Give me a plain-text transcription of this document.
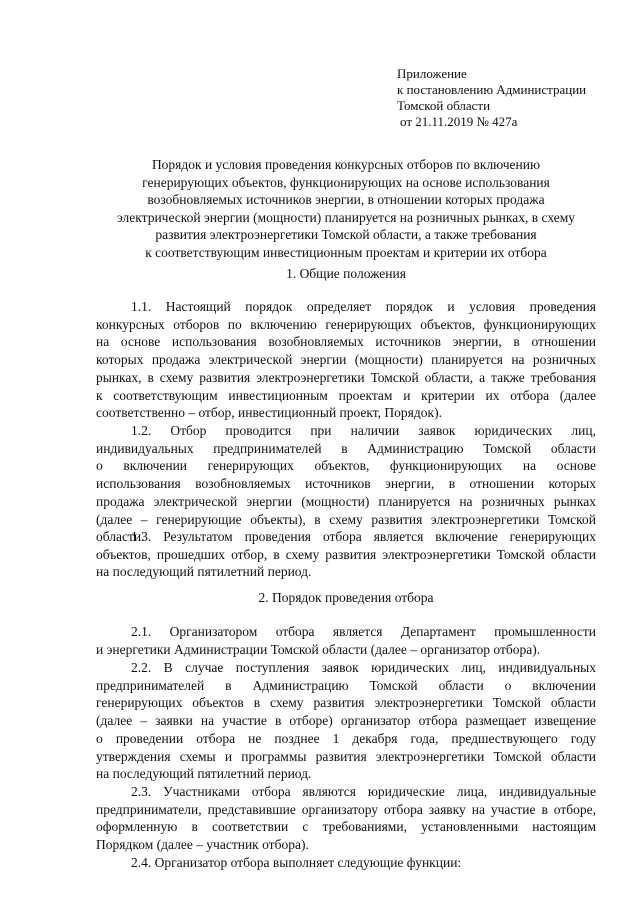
Приложение
к постановлению Администрации
Томской области
от 21.11.2019 № 427а
Порядок и условия проведения конкурсных отборов по включению
генерирующих объектов, функционирующих на основе использования
возобновляемых источников энергии, в отношении которых продажа
электрической энергии (мощности) планируется на розничных рынках, в схему
развития электроэнергетики Томской области, а также требования
к соответствующим инвестиционным проектам и критерии их отбора
1. Общие положения
1.1. Настоящий порядок определяет порядок и условия проведения
конкурсных отборов по включению генерирующих объектов, функционирующих
на основе использования возобновляемых источников энергии, в отношении
которых продажа электрической энергии (мощности) планируется на розничных
рынках, в схему развития электроэнергетики Томской области, а также требования
к соответствующим инвестиционным проектам и критерии их отбора (далее
соответственно – отбор, инвестиционный проект, Порядок).
1.2. Отбор проводится при наличии заявок юридических лиц,
индивидуальных предпринимателей в Администрацию Томской области
о включении генерирующих объектов, функционирующих на основе
использования возобновляемых источников энергии, в отношении которых
продажа электрической энергии (мощности) планируется на розничных рынках
(далее – генерирующие объекты), в схему развития электроэнергетики Томской
области.
1.3. Результатом проведения отбора является включение генерирующих
объектов, прошедших отбор, в схему развития электроэнергетики Томской области
на последующий пятилетний период.
2. Порядок проведения отбора
2.1. Организатором отбора является Департамент промышленности
и энергетики Администрации Томской области (далее – организатор отбора).
2.2. В случае поступления заявок юридических лиц, индивидуальных
предпринимателей в Администрацию Томской области о включении
генерирующих объектов в схему развития электроэнергетики Томской области
(далее – заявки на участие в отборе) организатор отбора размещает извещение
о проведении отбора не позднее 1 декабря года, предшествующего году
утверждения схемы и программы развития электроэнергетики Томской области
на последующий пятилетний период.
2.3. Участниками отбора являются юридические лица, индивидуальные
предприниматели, представившие организатору отбора заявку на участие в отборе,
оформленную в соответствии с требованиями, установленными настоящим
Порядком (далее – участник отбора).
2.4. Организатор отбора выполняет следующие функции:
